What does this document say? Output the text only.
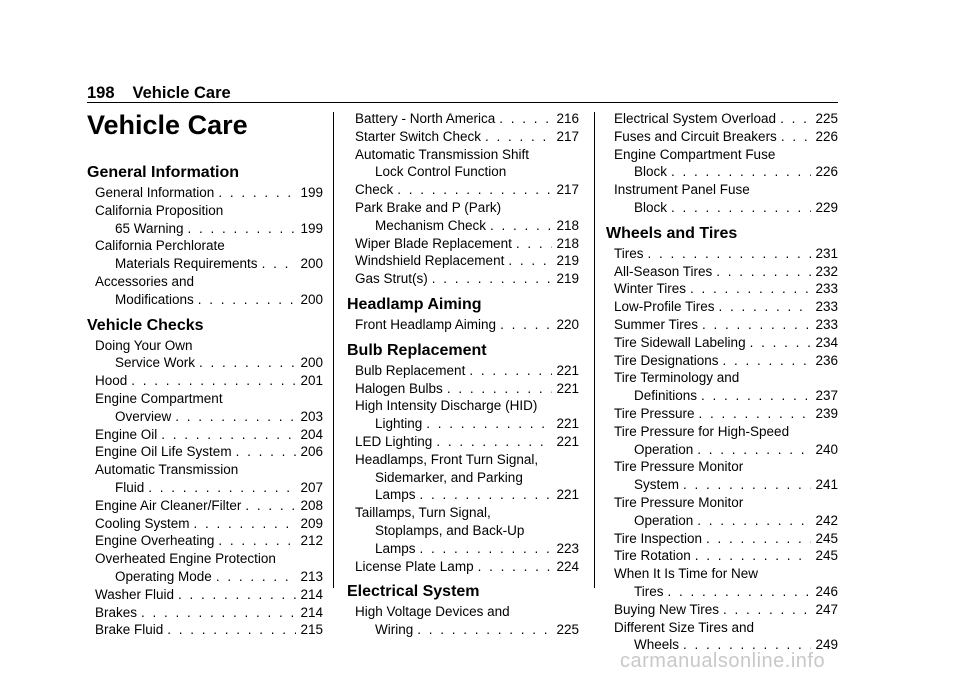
198 Vehicle Care
Vehicle Care
General Information
General Information . . .	199
California Proposition
65 Warning . . .	199
California Perchlorate
Materials Requirements . . .	200
Accessories and
Modifications . . .	200
Vehicle Checks
Doing Your Own
Service Work . . .	200
Hood . . .	201
Engine Compartment
Overview . . .	203
Engine Oil . . .	204
Engine Oil Life System . . .	206
Automatic Transmission
Fluid . . .	207
Engine Air Cleaner/Filter . . .	208
Cooling System . . .	209
Engine Overheating . . .	212
Overheated Engine Protection
Operating Mode . . .	213
Washer Fluid . . .	214
Brakes . . .	214
Brake Fluid . . .	215
Battery - North America . . .	216
Starter Switch Check . . .	217
Automatic Transmission Shift
Lock Control Function
Check . . .	217
Park Brake and P (Park)
Mechanism Check . . .	218
Wiper Blade Replacement . . .	218
Windshield Replacement . . .	219
Gas Strut(s) . . .	219
Headlamp Aiming
Front Headlamp Aiming . . .	220
Bulb Replacement
Bulb Replacement . . .	221
Halogen Bulbs . . .	221
High Intensity Discharge (HID)
Lighting . . .	221
LED Lighting . . .	221
Headlamps, Front Turn Signal,
Sidemarker, and Parking
Lamps . . .	221
Taillamps, Turn Signal,
Stoplamps, and Back-Up
Lamps . . .	223
License Plate Lamp . . .	224
Electrical System
High Voltage Devices and
Wiring . . .	225
Electrical System Overload . . .	225
Fuses and Circuit Breakers . . .	226
Engine Compartment Fuse
Block . . .	226
Instrument Panel Fuse
Block . . .	229
Wheels and Tires
Tires . . .	231
All-Season Tires . . .	232
Winter Tires . . .	233
Low-Profile Tires . . .	233
Summer Tires . . .	233
Tire Sidewall Labeling . . .	234
Tire Designations . . .	236
Tire Terminology and
Definitions . . .	237
Tire Pressure . . .	239
Tire Pressure for High-Speed
Operation . . .	240
Tire Pressure Monitor
System . . .	241
Tire Pressure Monitor
Operation . . .	242
Tire Inspection . . .	245
Tire Rotation . . .	245
When It Is Time for New
Tires . . .	246
Buying New Tires . . .	247
Different Size Tires and
Wheels . . .	249
carmanualsonline.info
